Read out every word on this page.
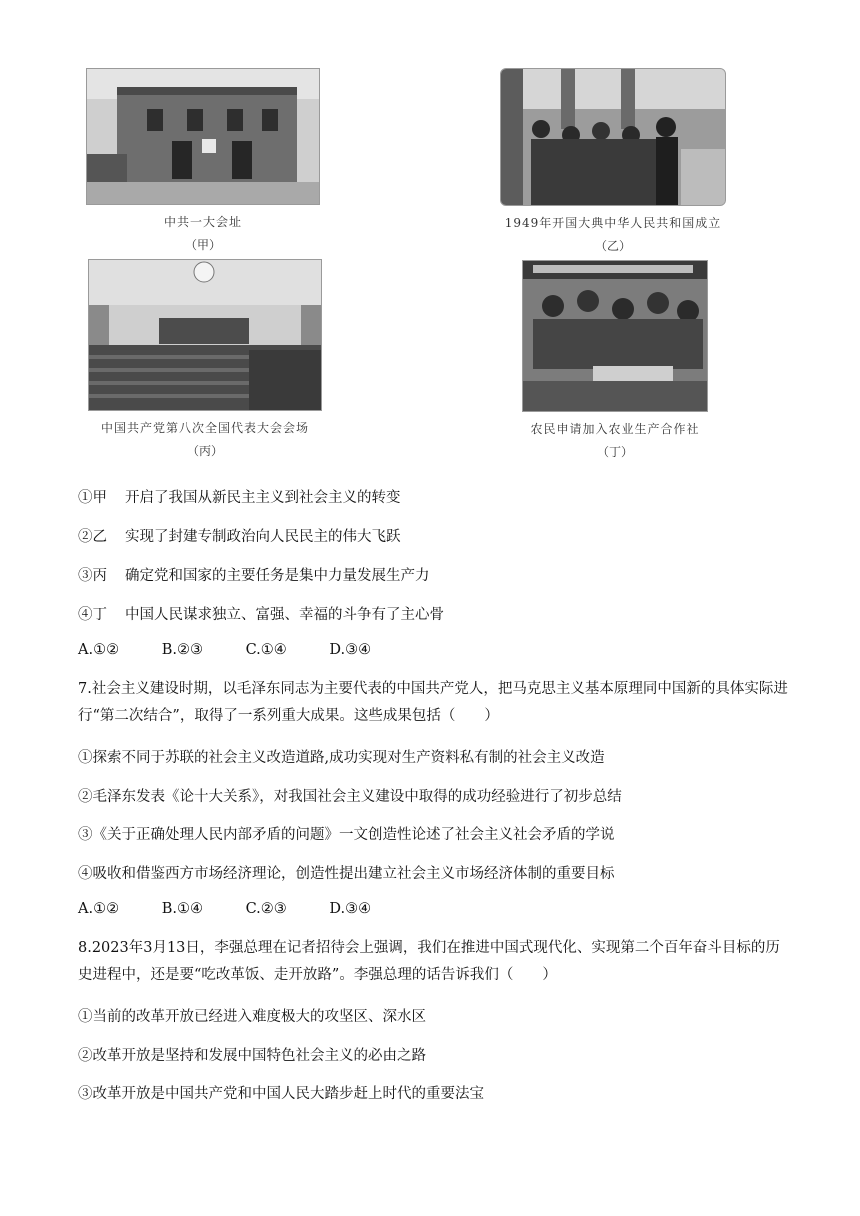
中共一大会址
（甲）
1949年开国大典中华人民共和国成立
（乙）
中国共产党第八次全国代表大会会场
（丙）
农民申请加入农业生产合作社
（丁）
①甲 开启了我国从新民主主义到社会主义的转变
②乙 实现了封建专制政治向人民民主的伟大飞跃
③丙 确定党和国家的主要任务是集中力量发展生产力
④丁 中国人民谋求独立、富强、幸福的斗争有了主心骨
A.①②	B.②③	C.①④	D.③④
7.社会主义建设时期，以毛泽东同志为主要代表的中国共产党人，把马克思主义基本原理同中国新的具体实际进行“第二次结合”，取得了一系列重大成果。这些成果包括（　　）
①探索不同于苏联的社会主义改造道路,成功实现对生产资料私有制的社会主义改造
②毛泽东发表《论十大关系》，对我国社会主义建设中取得的成功经验进行了初步总结
③《关于正确处理人民内部矛盾的问题》一文创造性论述了社会主义社会矛盾的学说
④吸收和借鉴西方市场经济理论，创造性提出建立社会主义市场经济体制的重要目标
A.①②	B.①④	C.②③	D.③④
8.2023年3月13日，李强总理在记者招待会上强调，我们在推进中国式现代化、实现第二个百年奋斗目标的历史进程中，还是要“吃改革饭、走开放路”。李强总理的话告诉我们（　　）
①当前的改革开放已经进入难度极大的攻坚区、深水区
②改革开放是坚持和发展中国特色社会主义的必由之路
③改革开放是中国共产党和中国人民大踏步赶上时代的重要法宝
